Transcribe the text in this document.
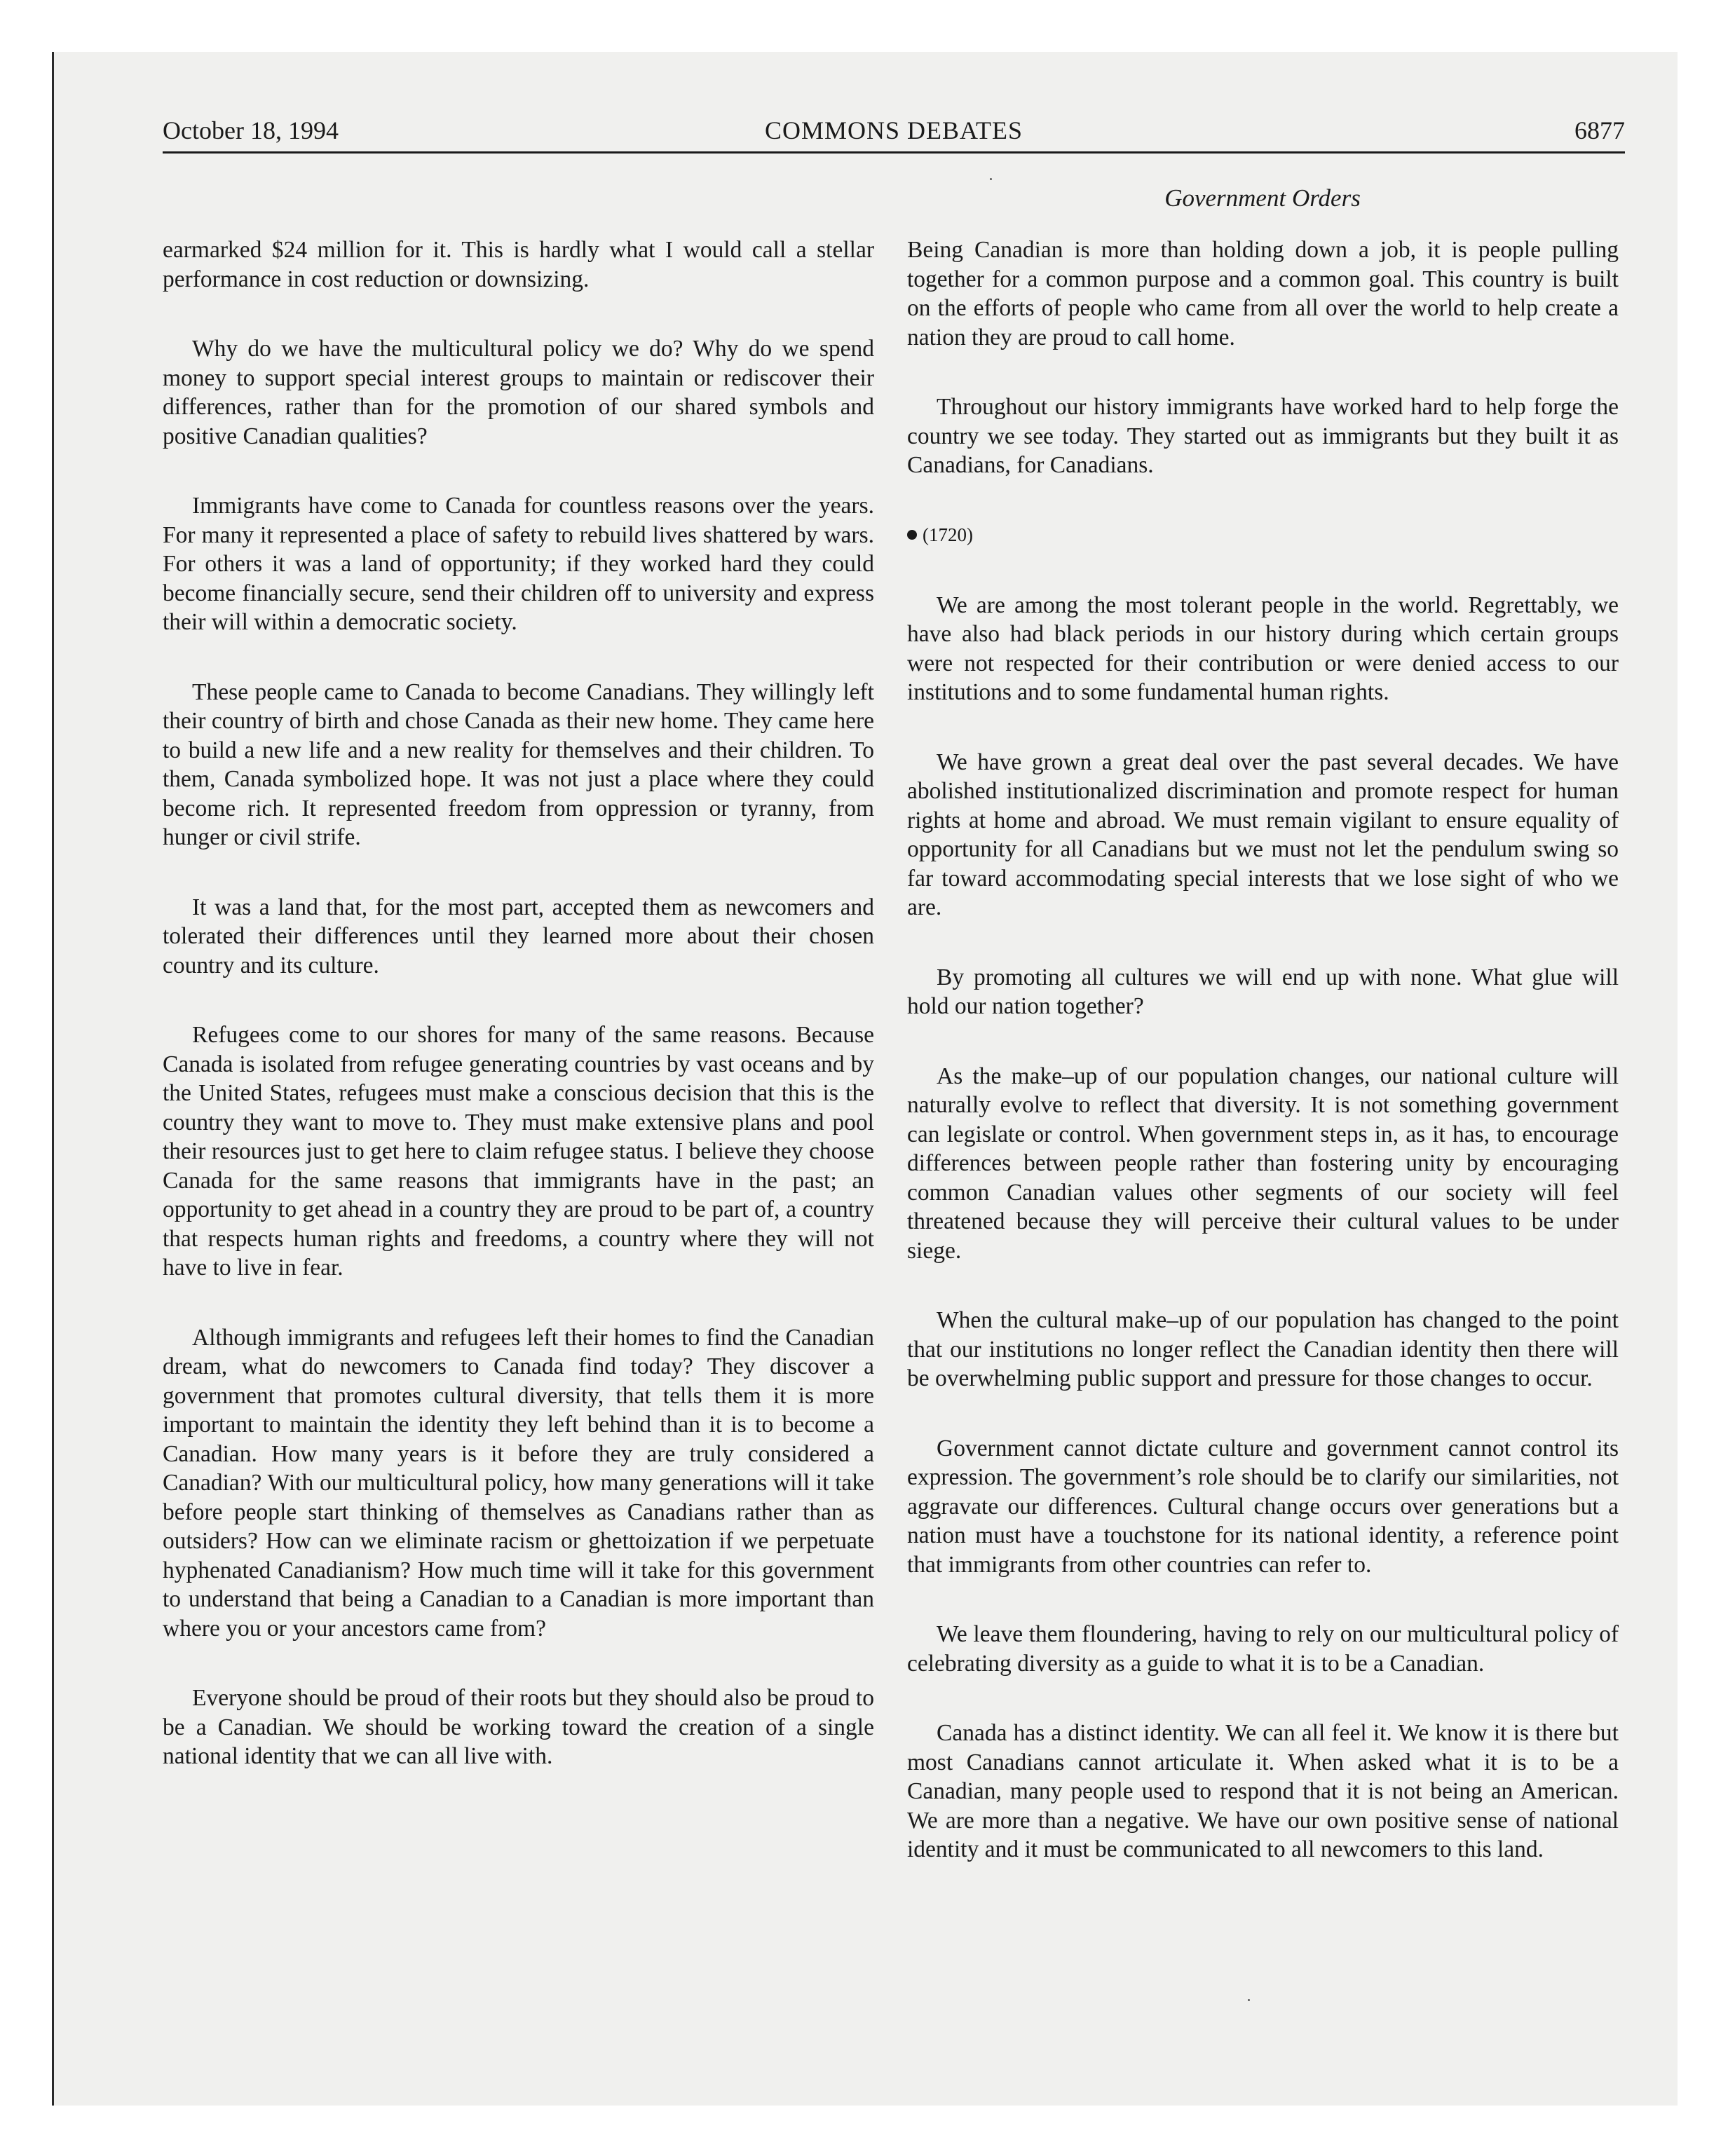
October 18, 1994	COMMONS DEBATES	6877
Government Orders

earmarked $24 million for it. This is hardly what I would call a stellar performance in cost reduction or downsizing.

Why do we have the multicultural policy we do? Why do we spend money to support special interest groups to maintain or rediscover their differences, rather than for the promotion of our shared symbols and positive Canadian qualities?

Immigrants have come to Canada for countless reasons over the years. For many it represented a place of safety to rebuild lives shattered by wars. For others it was a land of opportunity; if they worked hard they could become financially secure, send their children off to university and express their will within a democratic society.

These people came to Canada to become Canadians. They willingly left their country of birth and chose Canada as their new home. They came here to build a new life and a new reality for themselves and their children. To them, Canada symbolized hope. It was not just a place where they could become rich. It represented freedom from oppression or tyranny, from hunger or civil strife.

It was a land that, for the most part, accepted them as newcomers and tolerated their differences until they learned more about their chosen country and its culture.

Refugees come to our shores for many of the same reasons. Because Canada is isolated from refugee generating countries by vast oceans and by the United States, refugees must make a conscious decision that this is the country they want to move to. They must make extensive plans and pool their resources just to get here to claim refugee status. I believe they choose Canada for the same reasons that immigrants have in the past; an opportunity to get ahead in a country they are proud to be part of, a country that respects human rights and freedoms, a country where they will not have to live in fear.

Although immigrants and refugees left their homes to find the Canadian dream, what do newcomers to Canada find today? They discover a government that promotes cultural diversity, that tells them it is more important to maintain the identity they left behind than it is to become a Canadian. How many years is it before they are truly considered a Canadian? With our multicultural policy, how many generations will it take before people start thinking of themselves as Canadians rather than as outsiders? How can we eliminate racism or ghettoization if we perpetuate hyphenated Canadianism? How much time will it take for this government to understand that being a Canadian to a Canadian is more important than where you or your ancestors came from?

Everyone should be proud of their roots but they should also be proud to be a Canadian. We should be working toward the creation of a single national identity that we can all live with.

Being Canadian is more than holding down a job, it is people pulling together for a common purpose and a common goal. This country is built on the efforts of people who came from all over the world to help create a nation they are proud to call home.

Throughout our history immigrants have worked hard to help forge the country we see today. They started out as immigrants but they built it as Canadians, for Canadians.

(1720)

We are among the most tolerant people in the world. Regrettably, we have also had black periods in our history during which certain groups were not respected for their contribution or were denied access to our institutions and to some fundamental human rights.

We have grown a great deal over the past several decades. We have abolished institutionalized discrimination and promote respect for human rights at home and abroad. We must remain vigilant to ensure equality of opportunity for all Canadians but we must not let the pendulum swing so far toward accommodating special interests that we lose sight of who we are.

By promoting all cultures we will end up with none. What glue will hold our nation together?

As the make–up of our population changes, our national culture will naturally evolve to reflect that diversity. It is not something government can legislate or control. When government steps in, as it has, to encourage differences between people rather than fostering unity by encouraging common Canadian values other segments of our society will feel threatened because they will perceive their cultural values to be under siege.

When the cultural make–up of our population has changed to the point that our institutions no longer reflect the Canadian identity then there will be overwhelming public support and pressure for those changes to occur.

Government cannot dictate culture and government cannot control its expression. The government’s role should be to clarify our similarities, not aggravate our differences. Cultural change occurs over generations but a nation must have a touchstone for its national identity, a reference point that immigrants from other countries can refer to.

We leave them floundering, having to rely on our multicultural policy of celebrating diversity as a guide to what it is to be a Canadian.

Canada has a distinct identity. We can all feel it. We know it is there but most Canadians cannot articulate it. When asked what it is to be a Canadian, many people used to respond that it is not being an American. We are more than a negative. We have our own positive sense of national identity and it must be communicated to all newcomers to this land.
